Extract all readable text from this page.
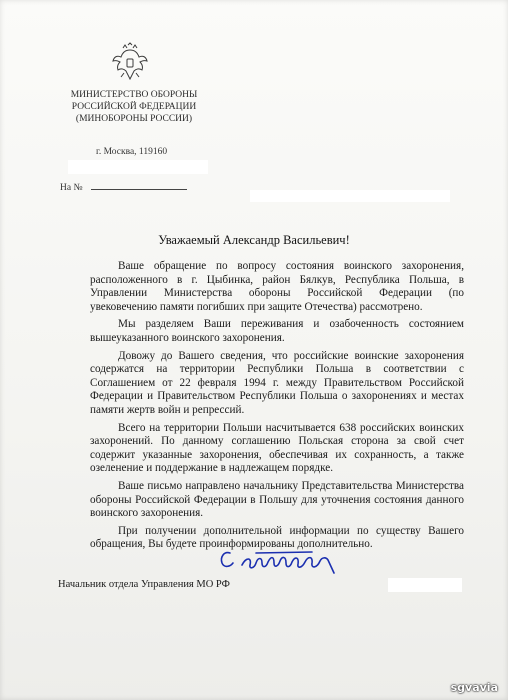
МИНИСТЕРСТВО ОБОРОНЫ
РОССИЙСКОЙ ФЕДЕРАЦИИ
(МИНОБОРОНЫ РОССИИ)
г. Москва, 119160
На №
Уважаемый Александр Васильевич!

Ваше обращение по вопросу состояния воинского захоронения, расположенного в г. Цыбинка, район Бялкув, Республика Польша, в Управлении Министерства обороны Российской Федерации (по увековечению памяти погибших при защите Отечества) рассмотрено.

Мы разделяем Ваши переживания и озабоченность состоянием вышеуказанного воинского захоронения.

Довожу до Вашего сведения, что российские воинские захоронения содержатся на территории Республики Польша в соответствии с Соглашением от 22 февраля 1994 г. между Правительством Российской Федерации и Правительством Республики Польша о захоронениях и местах памяти жертв войн и репрессий.

Всего на территории Польши насчитывается 638 российских воинских захоронений. По данному соглашению Польская сторона за свой счет содержит указанные захоронения, обеспечивая их сохранность, а также озеленение и поддержание в надлежащем порядке.

Ваше письмо направлено начальнику Представительства Министерства обороны Российской Федерации в Польшу для уточнения состояния данного воинского захоронения.

При получении дополнительной информации по существу Вашего обращения, Вы будете проинформированы дополнительно.

Начальник отдела Управления МО РФ
sgvavia
